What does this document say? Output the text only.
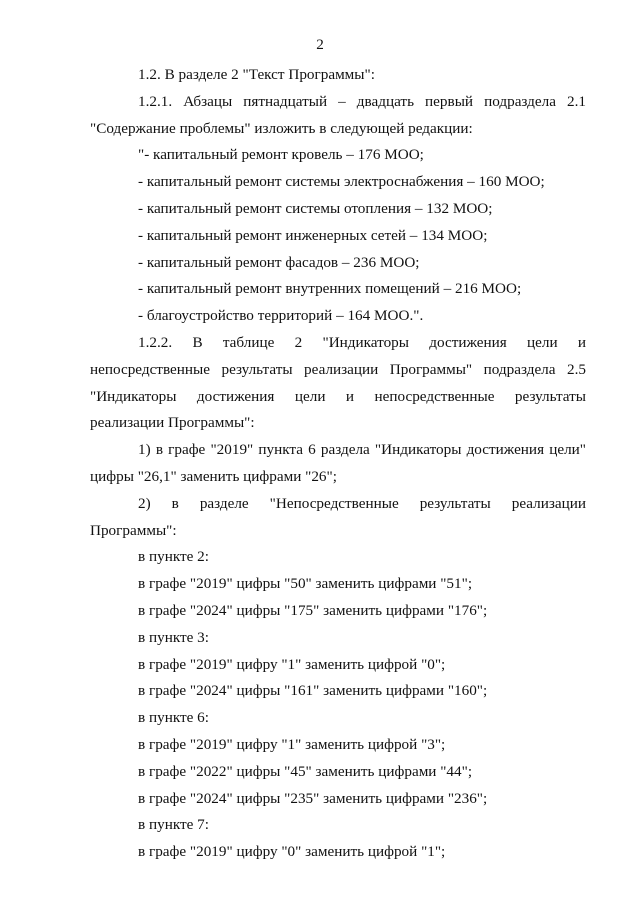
2

1.2. В разделе 2 "Текст Программы":

1.2.1. Абзацы пятнадцатый – двадцать первый подраздела 2.1

"Содержание проблемы" изложить в следующей редакции:

"- капитальный ремонт кровель – 176 МОО;

- капитальный ремонт системы электроснабжения – 160 МОО;

- капитальный ремонт системы отопления – 132 МОО;

- капитальный ремонт инженерных сетей – 134 МОО;

- капитальный ремонт фасадов – 236 МОО;

- капитальный ремонт внутренних помещений – 216 МОО;

- благоустройство территорий – 164 МОО.".

1.2.2. В таблице 2 "Индикаторы достижения цели и

непосредственные результаты реализации Программы" подраздела 2.5

"Индикаторы достижения цели и непосредственные результаты

реализации Программы":

1) в графе "2019" пункта 6 раздела "Индикаторы достижения цели"

цифры "26,1" заменить цифрами "26";

2) в разделе "Непосредственные результаты реализации

Программы":

в пункте 2:

в графе "2019" цифры "50" заменить цифрами "51";

в графе "2024" цифры "175" заменить цифрами "176";

в пункте 3:

в графе "2019" цифру "1" заменить цифрой "0";

в графе "2024" цифры "161" заменить цифрами "160";

в пункте 6:

в графе "2019" цифру "1" заменить цифрой "3";

в графе "2022" цифры "45" заменить цифрами "44";

в графе "2024" цифры "235" заменить цифрами "236";

в пункте 7:

в графе "2019" цифру "0" заменить цифрой "1";
